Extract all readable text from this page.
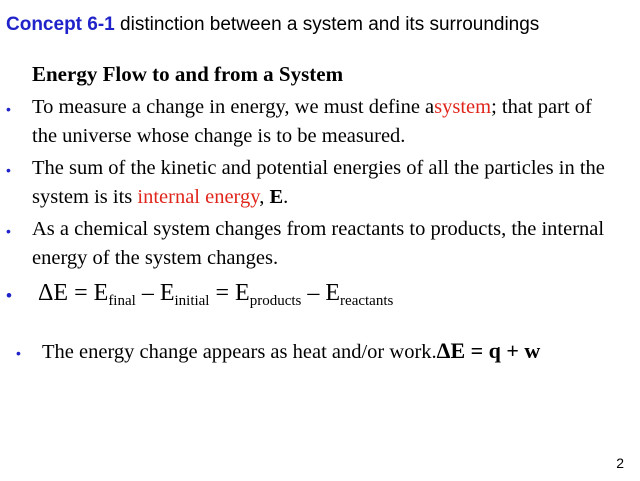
Concept 6-1 distinction between a system and its surroundings
Energy Flow to and from a System
• To measure a change in energy, we must define asystem; that part of the universe whose change is to be measured.
• The sum of the kinetic and potential energies of all the particles in the system is its internal energy, E.
• As a chemical system changes from reactants to products, the internal energy of the system changes.
• $\Delta E = E_{final} - E_{initial} = E_{products} - E_{reactants}$
• The energy change appears as heat and/or work.ΔE = q + w
2
